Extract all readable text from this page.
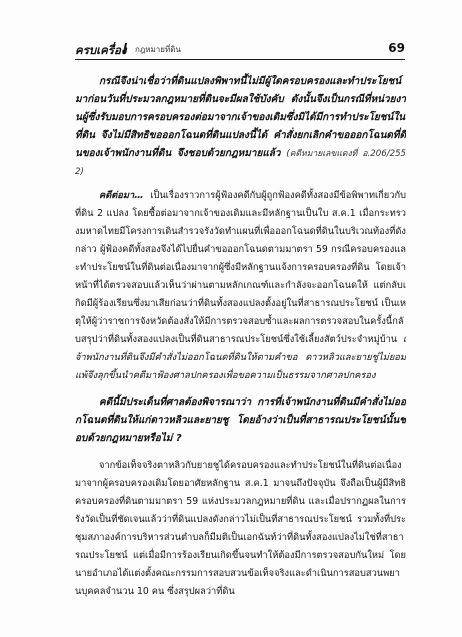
ครบเครื่อง กฎหมายที่ดิน	69

กรณีจึงน่าเชื่อว่าที่ดินแปลงพิพาทนี้ไม่มีผู้ใดครอบครองและทำประโยชน์มาก่อนวันที่ประมวลกฎหมายที่ดินจะมีผลใช้บังคับ ดังนั้นจึงเป็นกรณีที่หน่วยงานผู้ซึ่งรับมอบการครอบครองต่อมาจากเจ้าของเดิมซึ่งมิได้มีการทำประโยชน์ในที่ดิน จึงไม่มีสิทธิขอออกโฉนดที่ดินแปลงนี้ได้ คำสั่งยกเลิกคำขอออกโฉนดที่ดินของเจ้าพนักงานที่ดิน จึงชอบด้วยกฎหมายแล้ว (คดีหมายเลขแดงที่ อ.206/2552)

คดีต่อมา… เป็นเรื่องราวการผู้ฟ้องคดีกับผู้ถูกฟ้องคดีทั้งสองมีข้อพิพาทเกี่ยวกับที่ดิน 2 แปลง โดยซื้อต่อมาจากเจ้าของเดิมและมีหลักฐานเป็นใบ ส.ค.1 เมื่อกระทรวงมหาดไทยมีโครงการเดินสำรวจรังวัดทำแผนที่เพื่อออกโฉนดที่ดินในบริเวณท้องที่ดังกล่าว ผู้ฟ้องคดีทั้งสองจึงได้ไปยื่นคำขอออกโฉนดตามมาตรา 59 กรณีครอบครองและทำประโยชน์ในที่ดินต่อเนื่องมาจากผู้ซึ่งมีหลักฐานแจ้งการครอบครองที่ดิน โดยเจ้าหน้าที่ได้ตรวจสอบแล้วเห็นว่าผ่านตามหลักเกณฑ์และกำลังจะออกโฉนดให้ แต่กลับเกิดมีผู้ร้องเรียนซึ่งมาเสียก่อนว่าที่ดินทั้งสองแปลงตั้งอยู่ในที่สาธารณประโยชน์ เป็นเหตุให้ผู้ว่าราชการจังหวัดต้องสั่งให้มีการตรวจสอบซ้ำและผลการตรวจสอบในครั้งนี้กลับสรุปว่าที่ดินทั้งสองแปลงเป็นที่ดินสาธารณประโยชน์ซึ่งใช้เลี้ยงสัตว์ประจำหมู่บ้าน เจ้าพนักงานที่ดินจึงมีคำสั่งไม่ออกโฉนดที่ดินให้ตามคำขอ ดาวหลิวและยายชู่ไม่ยอมแพ้จึงลุกขึ้นนำคดีมาฟ้องศาลปกครองเพื่อขอความเป็นธรรมจากศาลปกครอง

คดีนี้มีประเด็นที่ศาลต้องพิจารณาว่า การที่เจ้าพนักงานที่ดินมีคำสั่งไม่ออกโฉนดที่ดินให้แก่ดาวหลิวและยายชู โดยอ้างว่าเป็นที่สาธารณประโยชน์นั้นชอบด้วยกฎหมายหรือไม่ ?

จากข้อเท็จจริงตาหลิวกับยายชูได้ครอบครองและทำประโยชน์ในที่ดินต่อเนื่องมาจากผู้ครอบครองเดิมโดยอาศัยหลักฐาน ส.ค.1 มาจนถึงปัจจุบัน จึงถือเป็นผู้มีสิทธิครอบครองที่ดินตามมาตรา 59 แห่งประมวลกฎหมายที่ดิน และเมื่อปรากฏผลในการรังวัดเป็นที่ชัดเจนแล้วว่าที่ดินแปลงดังกล่าวไม่เป็นที่สาธารณประโยชน์ รวมทั้งที่ประชุมสภาองค์การบริหารส่วนตำบลก็มีมติเป็นเอกฉันท์ว่าที่ดินทั้งสองแปลงไม่ใช่ที่สาธารณประโยชน์ แต่เมื่อมีการร้องเรียนเกิดขึ้นจนทำให้ต้องมีการตรวจสอบกันใหม่ โดยนายอำเภอได้แต่งตั้งคณะกรรมการสอบสวนข้อเท็จจริงและดำเนินการสอบสวนพยานบุคคลจำนวน 10 คน ซึ่งสรุปผลว่าที่ดิน
